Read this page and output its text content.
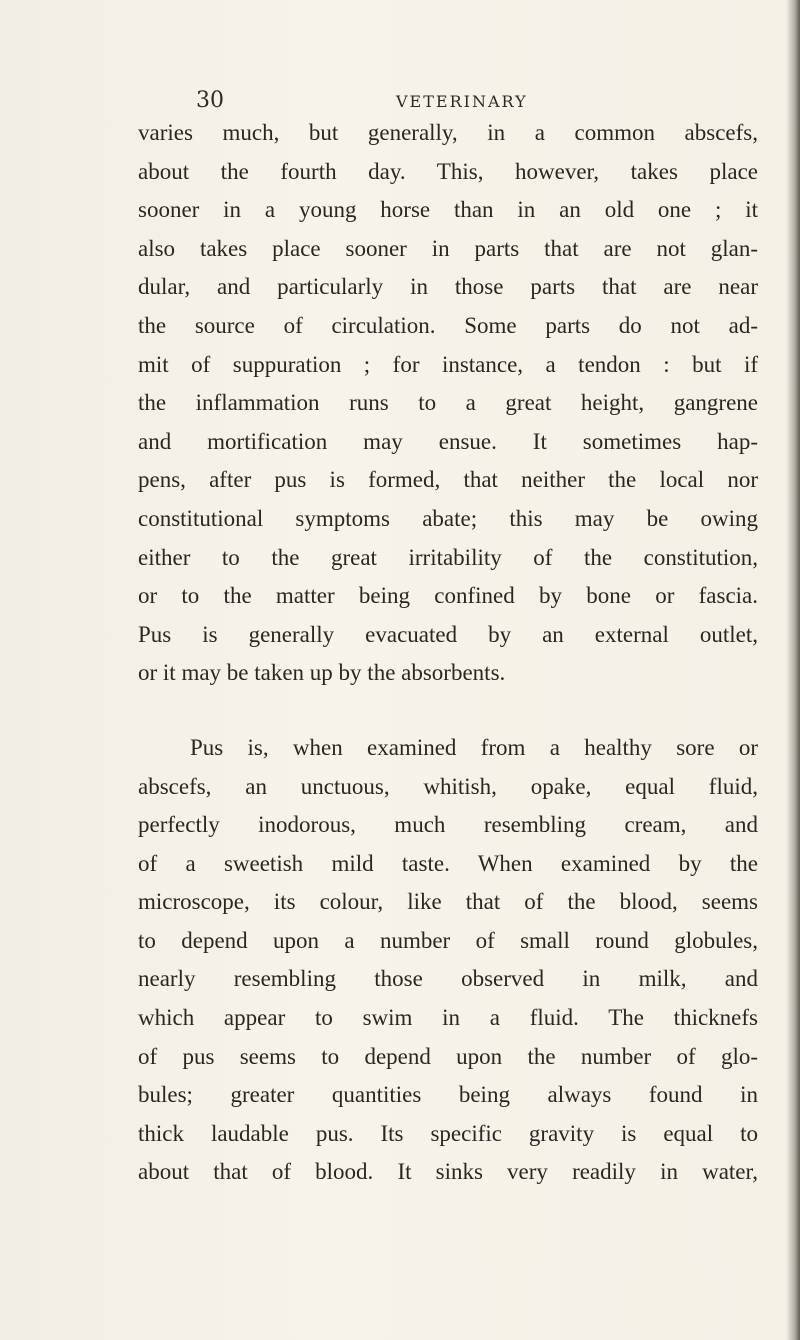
30	VETERINARY
varies much, but generally, in a common abscefs,
about the fourth day. This, however, takes place
sooner in a young horse than in an old one ; it
also takes place sooner in parts that are not glan-
dular, and particularly in those parts that are near
the source of circulation. Some parts do not ad-
mit of suppuration ; for instance, a tendon : but if
the inflammation runs to a great height, gangrene
and mortification may ensue. It sometimes hap-
pens, after pus is formed, that neither the local nor
constitutional symptoms abate; this may be owing
either to the great irritability of the constitution,
or to the matter being confined by bone or fascia.
Pus is generally evacuated by an external outlet,
or it may be taken up by the absorbents.
Pus is, when examined from a healthy sore or
abscefs, an unctuous, whitish, opake, equal fluid,
perfectly inodorous, much resembling cream, and
of a sweetish mild taste. When examined by the
microscope, its colour, like that of the blood, seems
to depend upon a number of small round globules,
nearly resembling those observed in milk, and
which appear to swim in a fluid. The thicknefs
of pus seems to depend upon the number of glo-
bules; greater quantities being always found in
thick laudable pus. Its specific gravity is equal to
about that of blood. It sinks very readily in water,
